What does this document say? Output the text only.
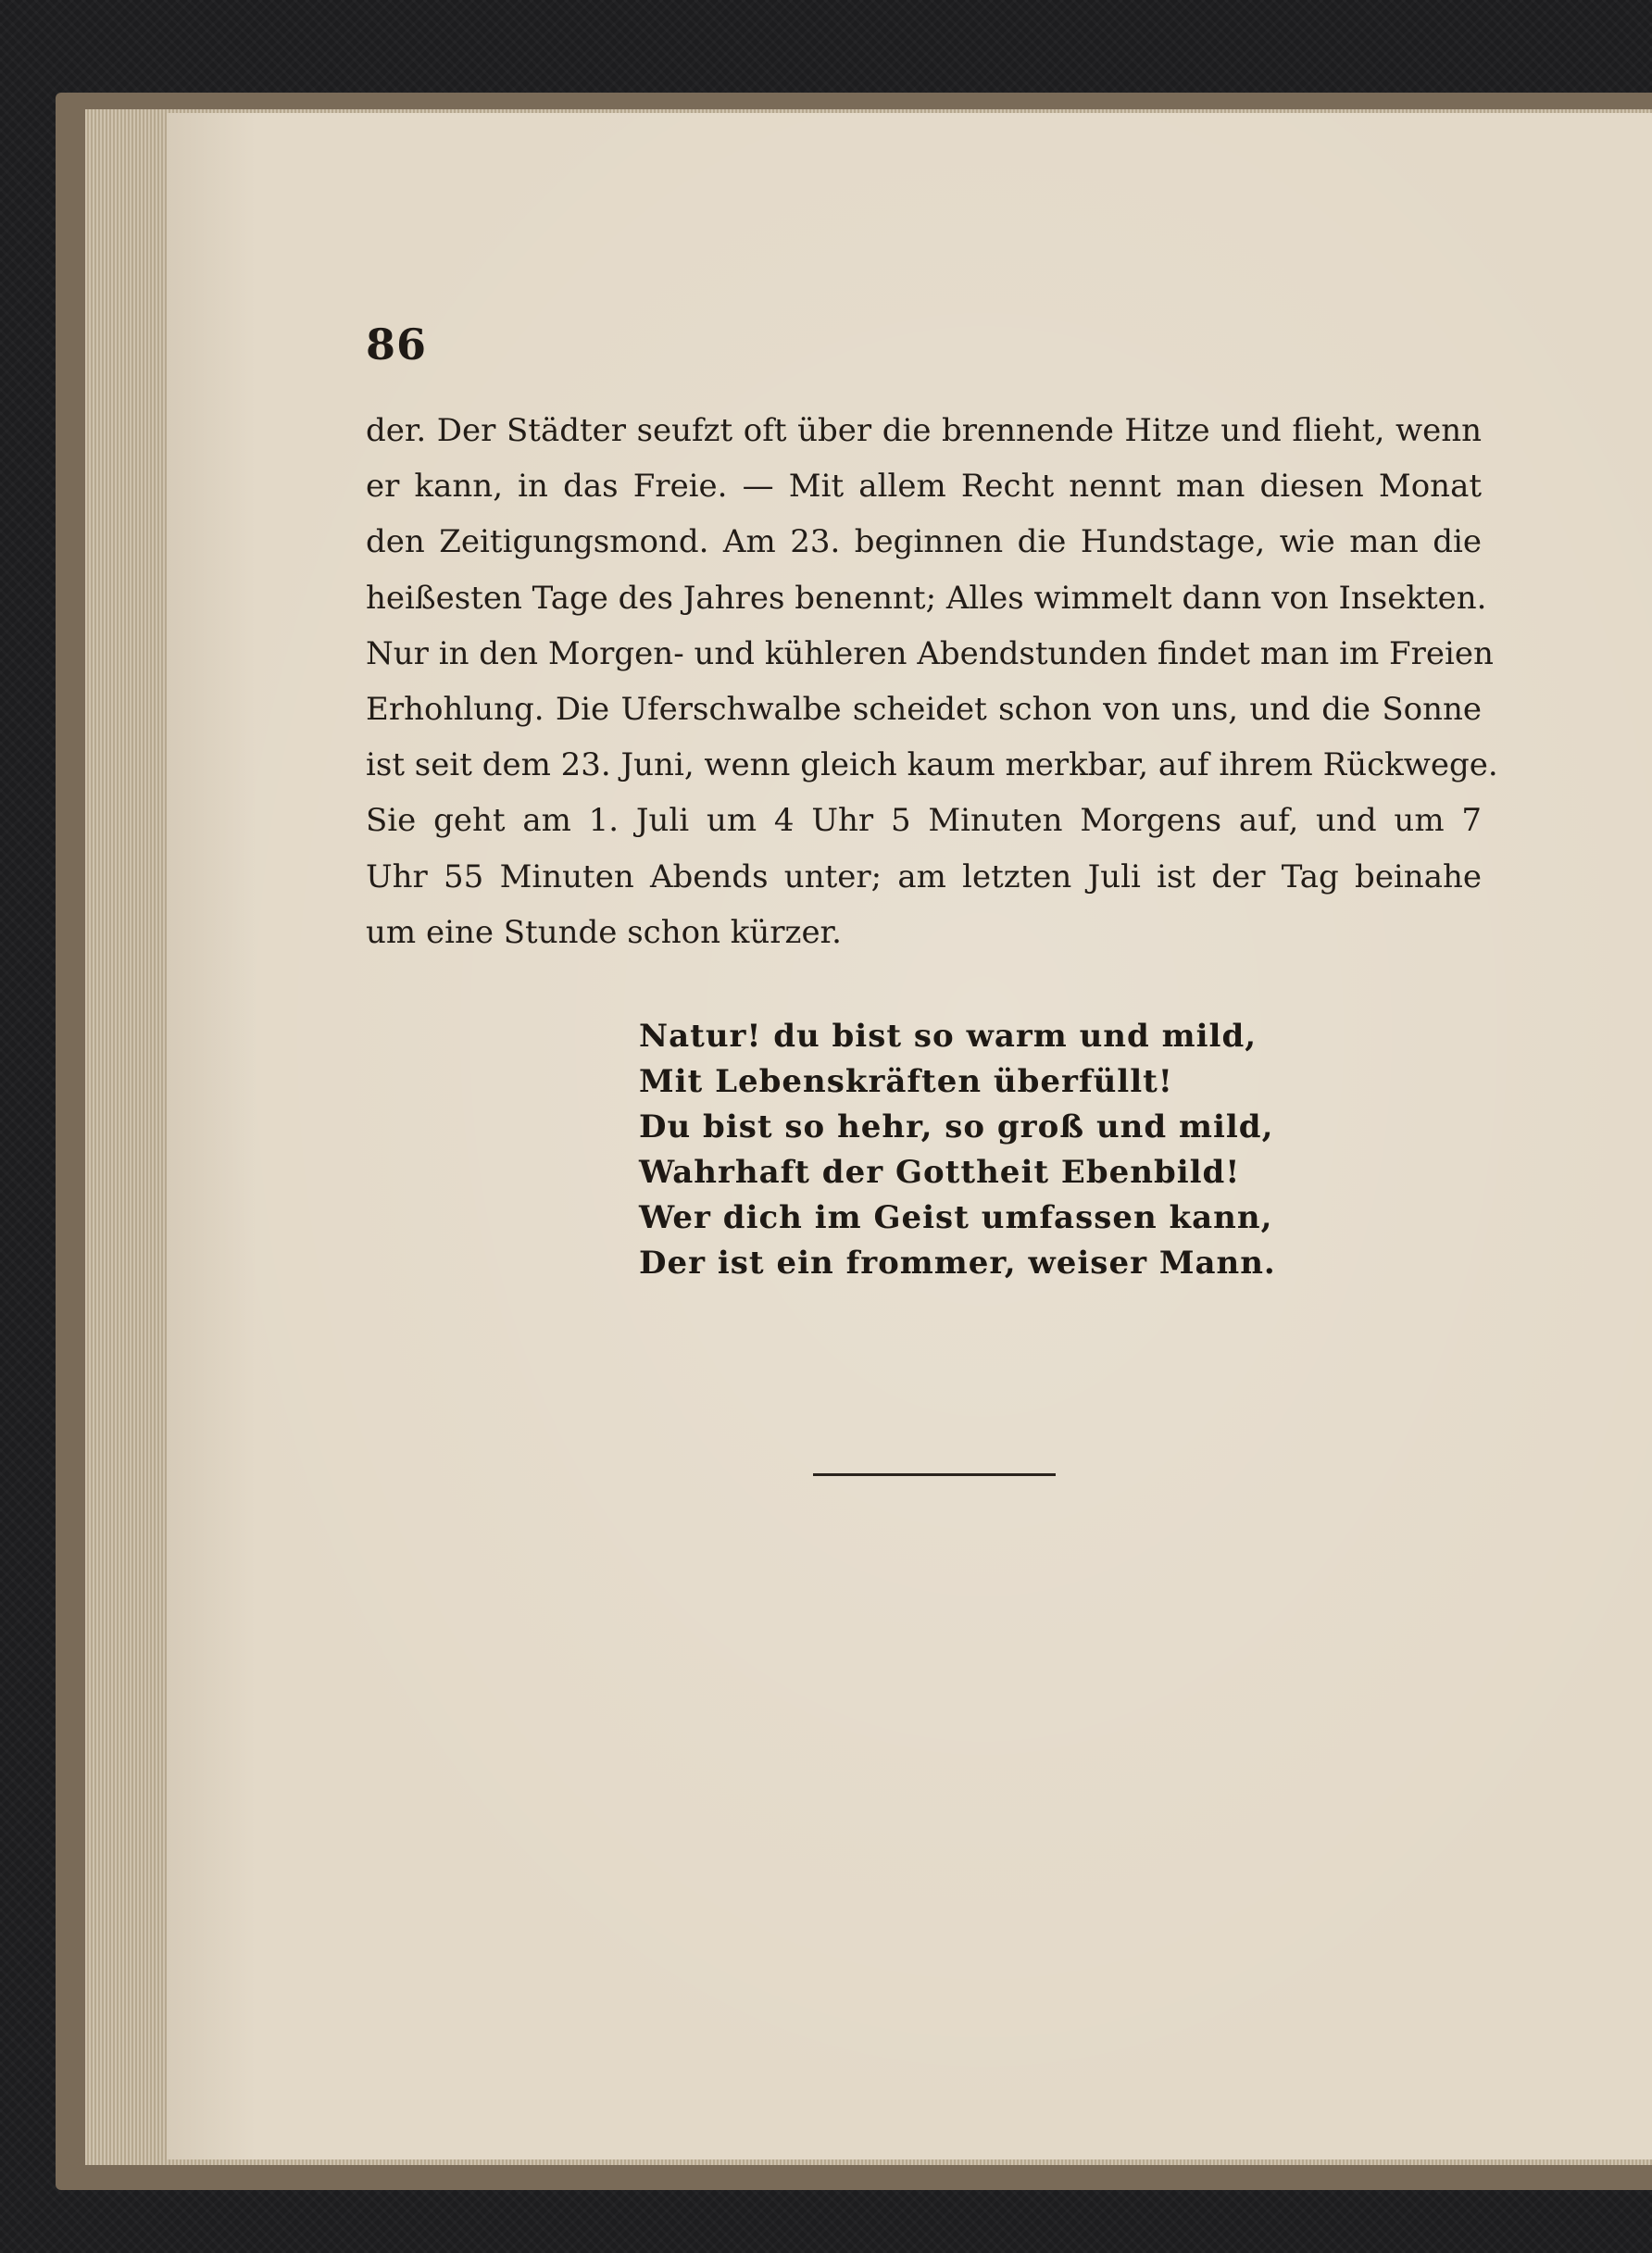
86
der. Der Städter seufzt oft über die brennende Hitze und flieht, wenn
er kann, in das Freie. — Mit allem Recht nennt man diesen Monat
den Zeitigungsmond. Am 23. beginnen die Hundstage, wie man die
heißesten Tage des Jahres benennt; Alles wimmelt dann von Insekten.
Nur in den Morgen- und kühleren Abendstunden findet man im Freien
Erhohlung. Die Uferschwalbe scheidet schon von uns, und die Sonne
ist seit dem 23. Juni, wenn gleich kaum merkbar, auf ihrem Rückwege.
Sie geht am 1. Juli um 4 Uhr 5 Minuten Morgens auf, und um 7
Uhr 55 Minuten Abends unter; am letzten Juli ist der Tag beinahe
um eine Stunde schon kürzer.
Natur! du bist so warm und mild,
Mit Lebenskräften überfüllt!
Du bist so hehr, so groß und mild,
Wahrhaft der Gottheit Ebenbild!
Wer dich im Geist umfassen kann,
Der ist ein frommer, weiser Mann.
